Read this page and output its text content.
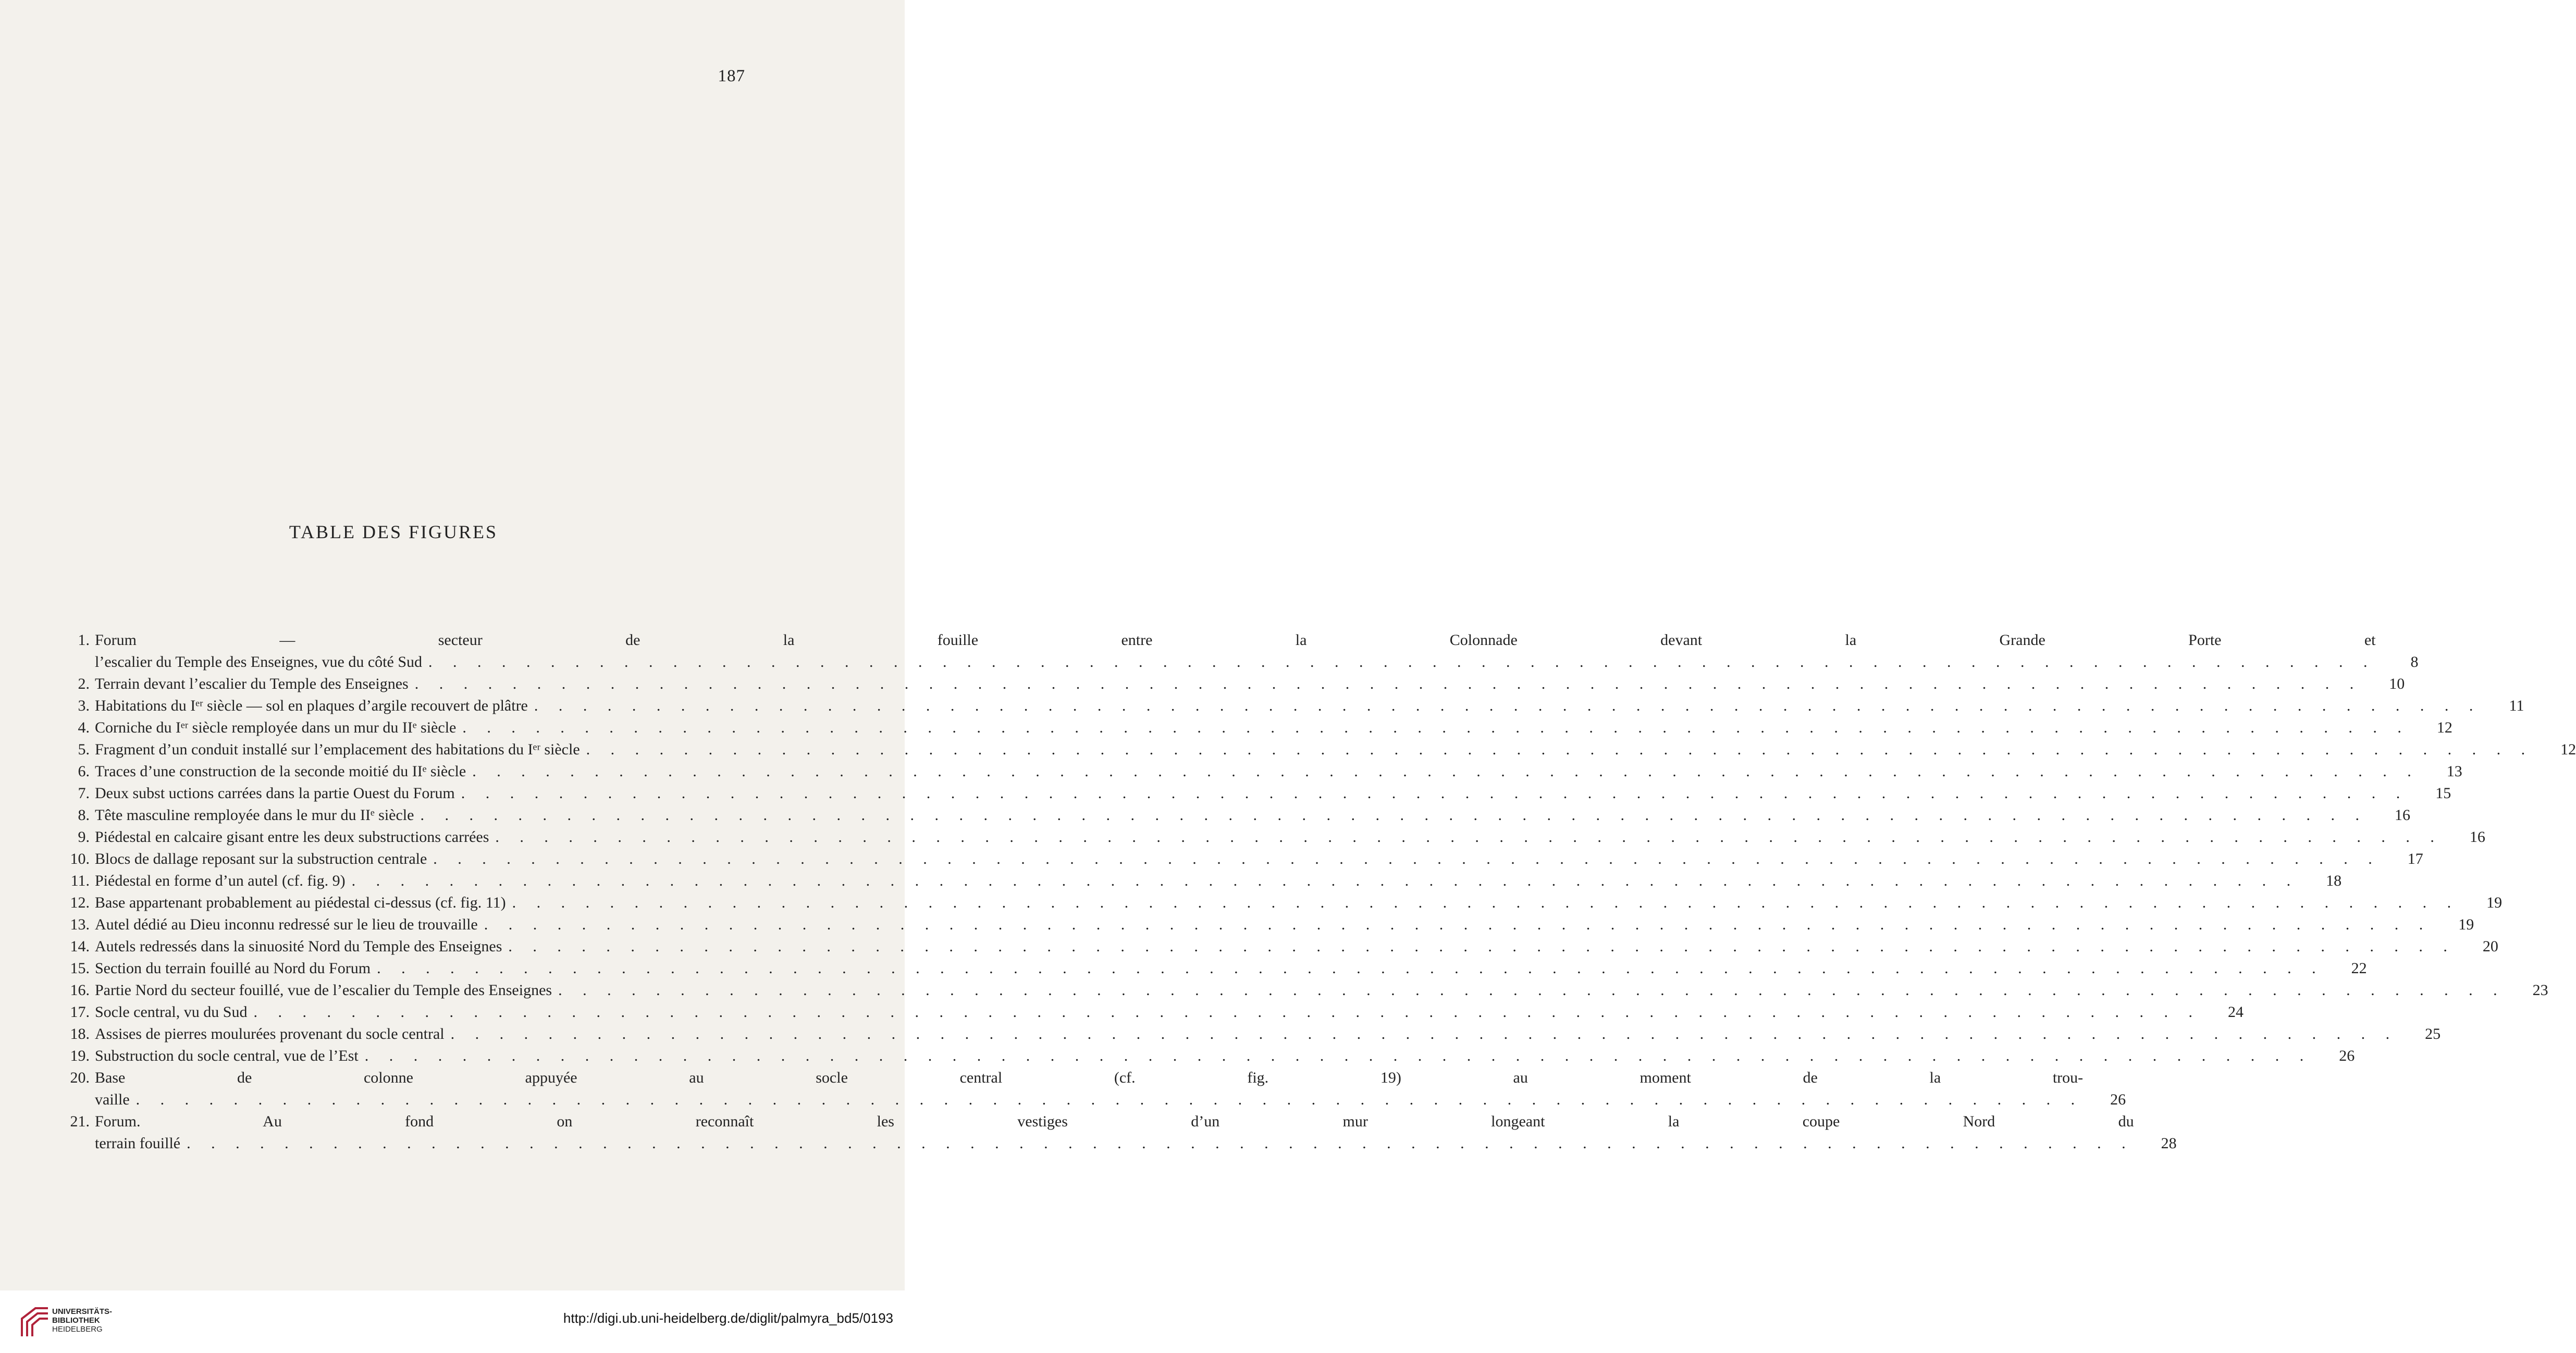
187
TABLE DES FIGURES
1. Forum — secteur de la fouille entre la Colonnade devant la Grande Porte et
l’escalier du Temple des Enseignes, vue du côté Sud . . . . . . . . . . . . . . . . . . . . . . . . . . . . . . . . . . . . . . . . . . . . . . . . . . . . . . . . . . . . . . . . . . . . . . . . . . . . . . . .	8
2. Terrain devant l’escalier du Temple des Enseignes . . . . . . . . . . . . . . . . . . . . . . . . . . . . . . . . . . . . . . . . . . . . . . . . . . . . . . . . . . . . . . . . . . . . . . . . . . . . . . . .	10
3. Habitations du Iᵉʳ siècle — sol en plaques d’argile recouvert de plâtre . . . . . . . . . . . . . . . . . . . . . . . . . . . . . . . . . . . . . . . . . . . . . . . . . . . . . . . . . . . . . . . . . . . . . . . . . . . . . . . .	11
4. Corniche du Iᵉʳ siècle remployée dans un mur du IIᵉ siècle . . . . . . . . . . . . . . . . . . . . . . . . . . . . . . . . . . . . . . . . . . . . . . . . . . . . . . . . . . . . . . . . . . . . . . . . . . . . . . . .	12
5. Fragment d’un conduit installé sur l’emplacement des habitations du Iᵉʳ siècle . . . . . . . . . . . . . . . . . . . . . . . . . . . . . . . . . . . . . . . . . . . . . . . . . . . . . . . . . . . . . . . . . . . . . . . . . . . . . . . .	12
6. Traces d’une construction de la seconde moitié du IIᵉ siècle . . . . . . . . . . . . . . . . . . . . . . . . . . . . . . . . . . . . . . . . . . . . . . . . . . . . . . . . . . . . . . . . . . . . . . . . . . . . . . . .	13
7. Deux subst uctions carrées dans la partie Ouest du Forum . . . . . . . . . . . . . . . . . . . . . . . . . . . . . . . . . . . . . . . . . . . . . . . . . . . . . . . . . . . . . . . . . . . . . . . . . . . . . . . .	15
8. Tête masculine remployée dans le mur du IIᵉ siècle . . . . . . . . . . . . . . . . . . . . . . . . . . . . . . . . . . . . . . . . . . . . . . . . . . . . . . . . . . . . . . . . . . . . . . . . . . . . . . . .	16
9. Piédestal en calcaire gisant entre les deux substructions carrées . . . . . . . . . . . . . . . . . . . . . . . . . . . . . . . . . . . . . . . . . . . . . . . . . . . . . . . . . . . . . . . . . . . . . . . . . . . . . . . .	16
10. Blocs de dallage reposant sur la substruction centrale . . . . . . . . . . . . . . . . . . . . . . . . . . . . . . . . . . . . . . . . . . . . . . . . . . . . . . . . . . . . . . . . . . . . . . . . . . . . . . . .	17
11. Piédestal en forme d’un autel (cf. fig. 9) . . . . . . . . . . . . . . . . . . . . . . . . . . . . . . . . . . . . . . . . . . . . . . . . . . . . . . . . . . . . . . . . . . . . . . . . . . . . . . . .	18
12. Base appartenant probablement au piédestal ci-dessus (cf. fig. 11) . . . . . . . . . . . . . . . . . . . . . . . . . . . . . . . . . . . . . . . . . . . . . . . . . . . . . . . . . . . . . . . . . . . . . . . . . . . . . . . .	19
13. Autel dédié au Dieu inconnu redressé sur le lieu de trouvaille . . . . . . . . . . . . . . . . . . . . . . . . . . . . . . . . . . . . . . . . . . . . . . . . . . . . . . . . . . . . . . . . . . . . . . . . . . . . . . . .	19
14. Autels redressés dans la sinuosité Nord du Temple des Enseignes . . . . . . . . . . . . . . . . . . . . . . . . . . . . . . . . . . . . . . . . . . . . . . . . . . . . . . . . . . . . . . . . . . . . . . . . . . . . . . . .	20
15. Section du terrain fouillé au Nord du Forum . . . . . . . . . . . . . . . . . . . . . . . . . . . . . . . . . . . . . . . . . . . . . . . . . . . . . . . . . . . . . . . . . . . . . . . . . . . . . . . .	22
16. Partie Nord du secteur fouillé, vue de l’escalier du Temple des Enseignes . . . . . . . . . . . . . . . . . . . . . . . . . . . . . . . . . . . . . . . . . . . . . . . . . . . . . . . . . . . . . . . . . . . . . . . . . . . . . . . .	23
17. Socle central, vu du Sud . . . . . . . . . . . . . . . . . . . . . . . . . . . . . . . . . . . . . . . . . . . . . . . . . . . . . . . . . . . . . . . . . . . . . . . . . . . . . . . .	24
18. Assises de pierres moulurées provenant du socle central . . . . . . . . . . . . . . . . . . . . . . . . . . . . . . . . . . . . . . . . . . . . . . . . . . . . . . . . . . . . . . . . . . . . . . . . . . . . . . . .	25
19. Substruction du socle central, vue de l’Est . . . . . . . . . . . . . . . . . . . . . . . . . . . . . . . . . . . . . . . . . . . . . . . . . . . . . . . . . . . . . . . . . . . . . . . . . . . . . . . .	26
20. Base de colonne appuyée au socle central (cf. fig. 19) au moment de la trou-
vaille . . . . . . . . . . . . . . . . . . . . . . . . . . . . . . . . . . . . . . . . . . . . . . . . . . . . . . . . . . . . . . . . . . . . . . . . . . . . . . . .	26
21. Forum. Au fond on reconnaît les vestiges d’un mur longeant la coupe Nord du
terrain fouillé . . . . . . . . . . . . . . . . . . . . . . . . . . . . . . . . . . . . . . . . . . . . . . . . . . . . . . . . . . . . . . . . . . . . . . . . . . . . . . . .	28
UNIVERSITÄTS-
BIBLIOTHEK
HEIDELBERG
http://digi.ub.uni-heidelberg.de/diglit/palmyra_bd5/0193
